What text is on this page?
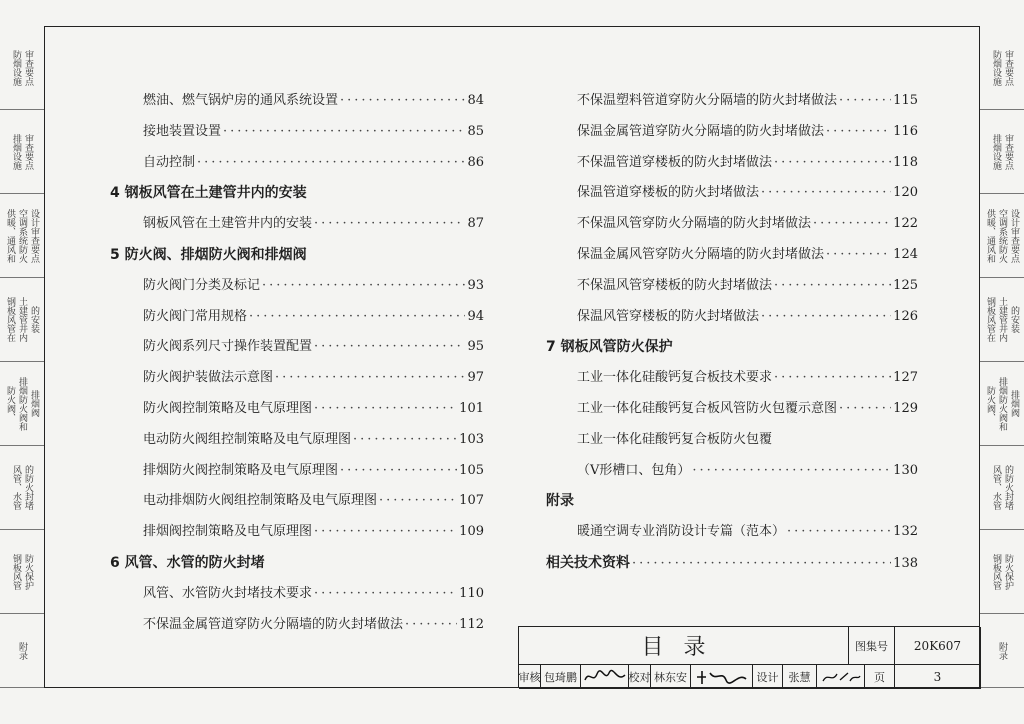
防烟设施 审查要点
排烟设施 审查要点
供暖、通风和 空调系统防火 设计审查要点
钢板风管在 土建管井内 的安装
防火阀、 排烟防火阀和 排烟阀
风管、水管 的防火封堵
钢板风管 防火保护
附录
防烟设施 审查要点
排烟设施 审查要点
供暖、通风和 空调系统防火 设计审查要点
钢板风管在 土建管井内 的安装
防火阀、 排烟防火阀和 排烟阀
风管、水管 的防火封堵
钢板风管 防火保护
附录
燃油、燃气锅炉房的通风系统设置 ·····	84
接地装置设置 ·····	85
自动控制 ·····	86
4 钢板风管在土建管井内的安装
钢板风管在土建管井内的安装 ·····	87
5 防火阀、排烟防火阀和排烟阀
防火阀门分类及标记 ·····	93
防火阀门常用规格 ·····	94
防火阀系列尺寸操作装置配置 ·····	95
防火阀护装做法示意图 ·····	97
防火阀控制策略及电气原理图 ·····	101
电动防火阀组控制策略及电气原理图 ·····	103
排烟防火阀控制策略及电气原理图 ·····	105
电动排烟防火阀组控制策略及电气原理图 ·····	107
排烟阀控制策略及电气原理图 ·····	109
6 风管、水管的防火封堵
风管、水管防火封堵技术要求 ·····	110
不保温金属管道穿防火分隔墙的防火封堵做法 ·····	112
不保温塑料管道穿防火分隔墙的防火封堵做法 ·····	115
保温金属管道穿防火分隔墙的防火封堵做法 ·····	116
不保温管道穿楼板的防火封堵做法 ·····	118
保温管道穿楼板的防火封堵做法 ·····	120
不保温风管穿防火分隔墙的防火封堵做法 ·····	122
保温金属风管穿防火分隔墙的防火封堵做法 ·····	124
不保温风管穿楼板的防火封堵做法 ·····	125
保温风管穿楼板的防火封堵做法 ·····	126
7 钢板风管防火保护
工业一体化硅酸钙复合板技术要求 ·····	127
工业一体化硅酸钙复合板风管防火包覆示意图 ·····	129
工业一体化硅酸钙复合板防火包覆
（V形槽口、包角） ·····	130
附录
暖通空调专业消防设计专篇（范本） ·····	132
相关技术资料 ·····	138
目录	图集号	20K607
审核 包琦鹏	校对 林东安	设计 张慧	页	3
